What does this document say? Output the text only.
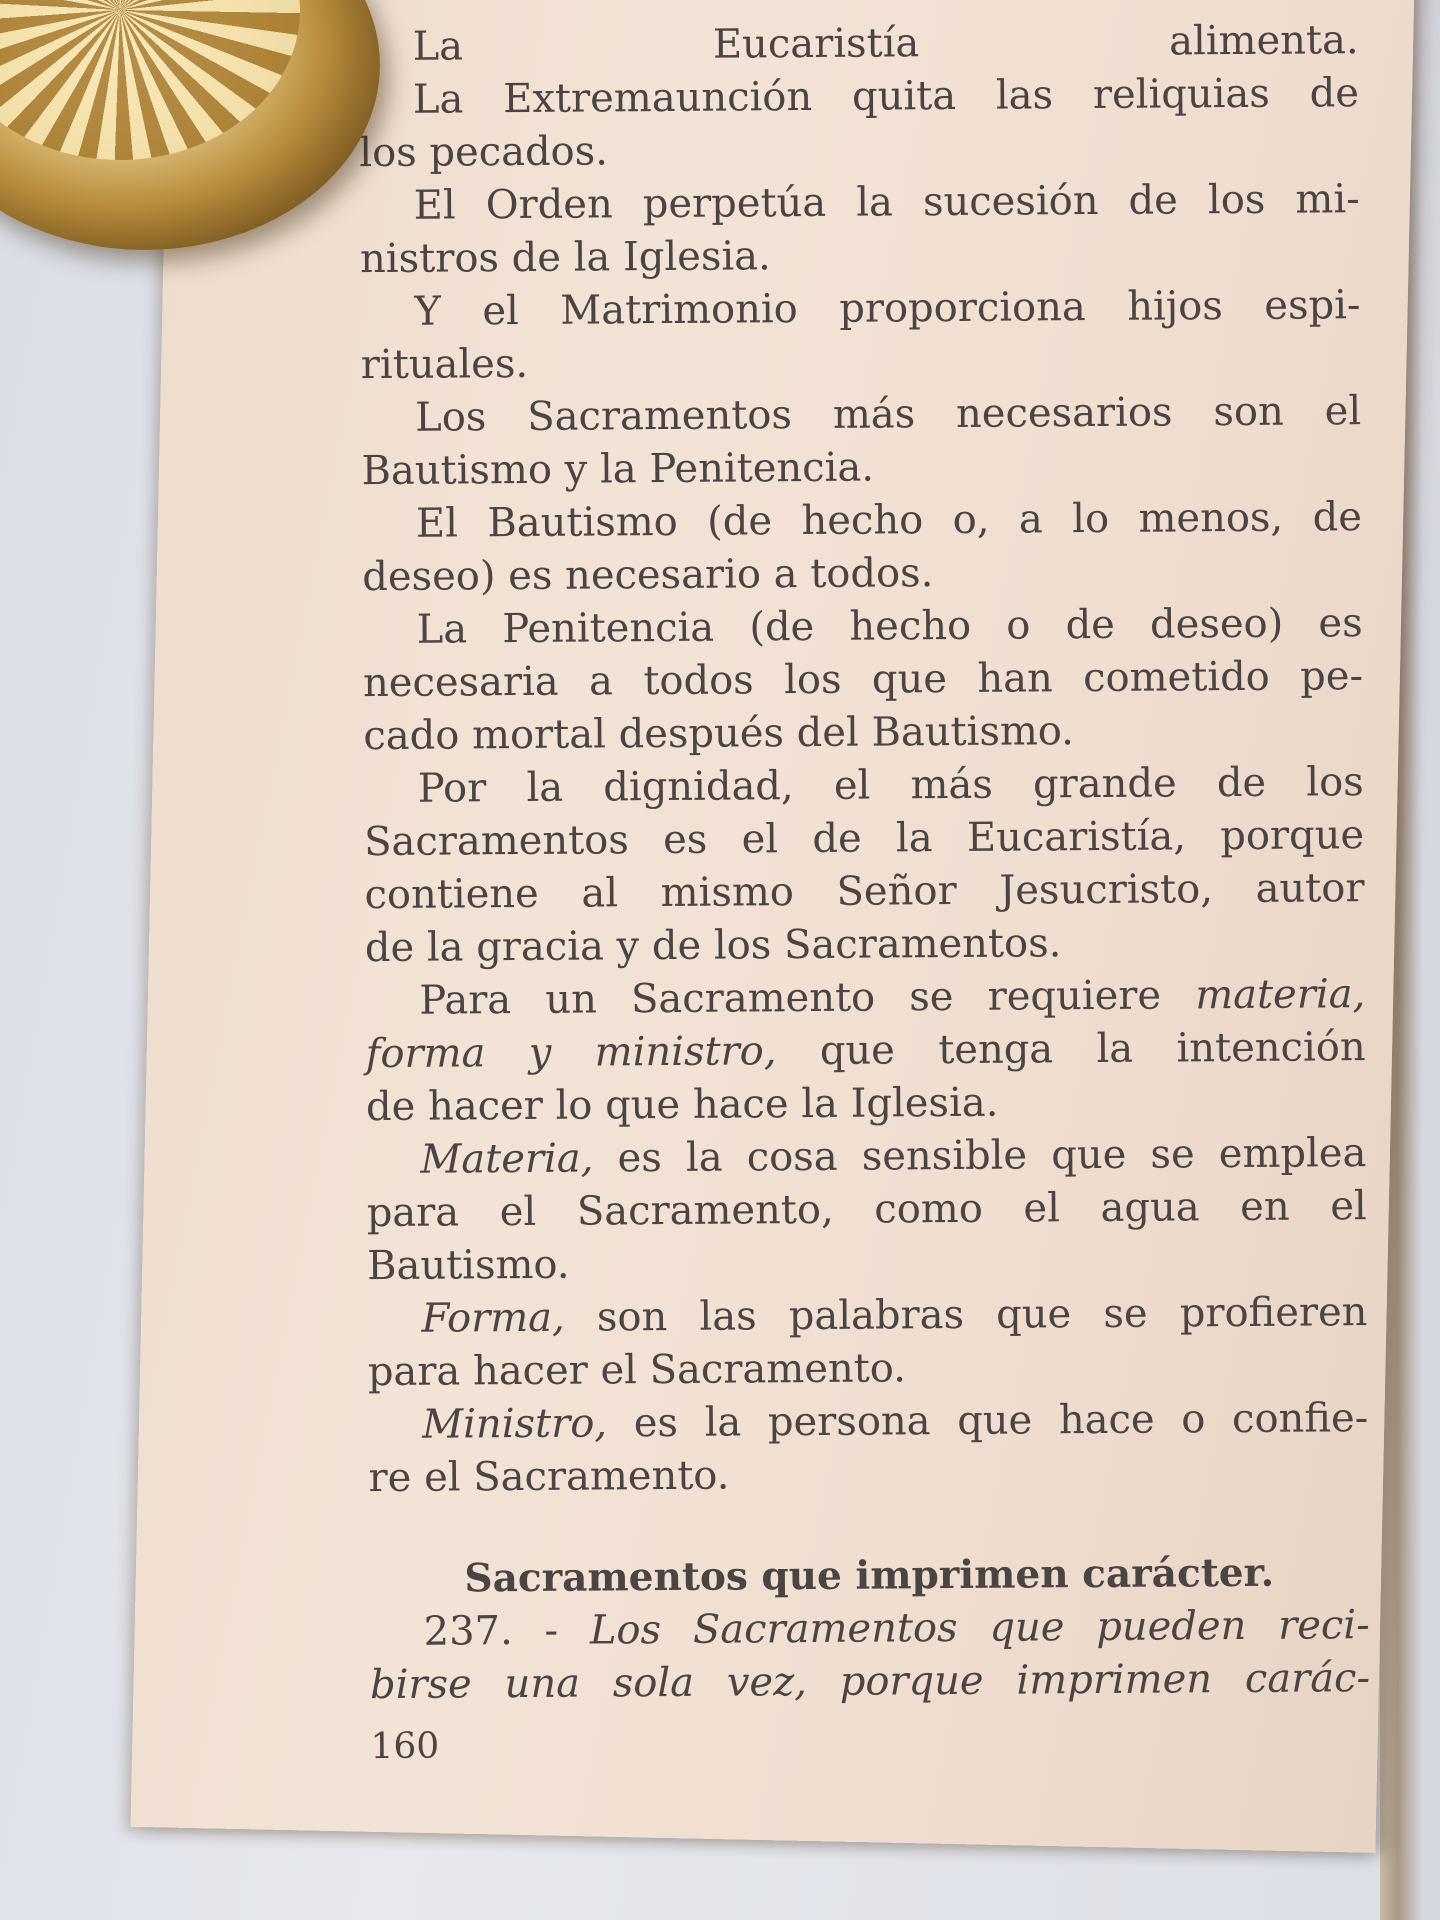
La Eucaristía alimenta.
La Extremaunción quita las reliquias de
los pecados.
El Orden perpetúa la sucesión de los mi-
nistros de la Iglesia.
Y el Matrimonio proporciona hijos espi-
rituales.
Los Sacramentos más necesarios son el
Bautismo y la Penitencia.
El Bautismo (de hecho o, a lo menos, de
deseo) es necesario a todos.
La Penitencia (de hecho o de deseo) es
necesaria a todos los que han cometido pe-
cado mortal después del Bautismo.
Por la dignidad, el más grande de los
Sacramentos es el de la Eucaristía, porque
contiene al mismo Señor Jesucristo, autor
de la gracia y de los Sacramentos.
Para un Sacramento se requiere materia,
forma y ministro, que tenga la intención
de hacer lo que hace la Iglesia.
Materia, es la cosa sensible que se emplea
para el Sacramento, como el agua en el
Bautismo.
Forma, son las palabras que se profieren
para hacer el Sacramento.
Ministro, es la persona que hace o confie-
re el Sacramento.
Sacramentos que imprimen carácter.
237. - Los Sacramentos que pueden reci-
birse una sola vez, porque imprimen carác-
160
